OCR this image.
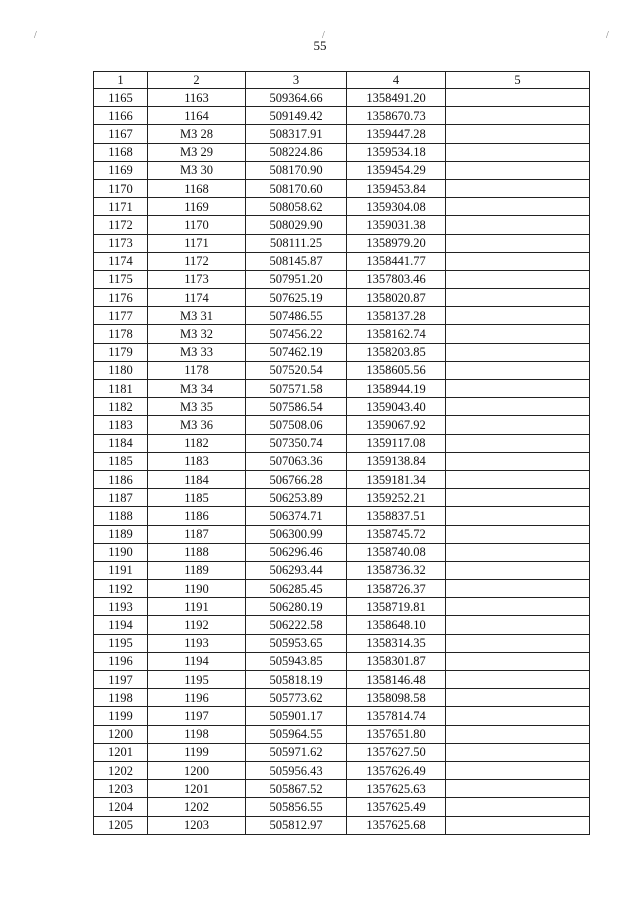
/	/	/
55
1	2	3	4	5
1165	1163	509364.66	1358491.20	
1166	1164	509149.42	1358670.73	
1167	МЗ 28	508317.91	1359447.28	
1168	МЗ 29	508224.86	1359534.18	
1169	МЗ 30	508170.90	1359454.29	
1170	1168	508170.60	1359453.84	
1171	1169	508058.62	1359304.08	
1172	1170	508029.90	1359031.38	
1173	1171	508111.25	1358979.20	
1174	1172	508145.87	1358441.77	
1175	1173	507951.20	1357803.46	
1176	1174	507625.19	1358020.87	
1177	МЗ 31	507486.55	1358137.28	
1178	МЗ 32	507456.22	1358162.74	
1179	МЗ 33	507462.19	1358203.85	
1180	1178	507520.54	1358605.56	
1181	МЗ 34	507571.58	1358944.19	
1182	МЗ 35	507586.54	1359043.40	
1183	МЗ 36	507508.06	1359067.92	
1184	1182	507350.74	1359117.08	
1185	1183	507063.36	1359138.84	
1186	1184	506766.28	1359181.34	
1187	1185	506253.89	1359252.21	
1188	1186	506374.71	1358837.51	
1189	1187	506300.99	1358745.72	
1190	1188	506296.46	1358740.08	
1191	1189	506293.44	1358736.32	
1192	1190	506285.45	1358726.37	
1193	1191	506280.19	1358719.81	
1194	1192	506222.58	1358648.10	
1195	1193	505953.65	1358314.35	
1196	1194	505943.85	1358301.87	
1197	1195	505818.19	1358146.48	
1198	1196	505773.62	1358098.58	
1199	1197	505901.17	1357814.74	
1200	1198	505964.55	1357651.80	
1201	1199	505971.62	1357627.50	
1202	1200	505956.43	1357626.49	
1203	1201	505867.52	1357625.63	
1204	1202	505856.55	1357625.49	
1205	1203	505812.97	1357625.68	
